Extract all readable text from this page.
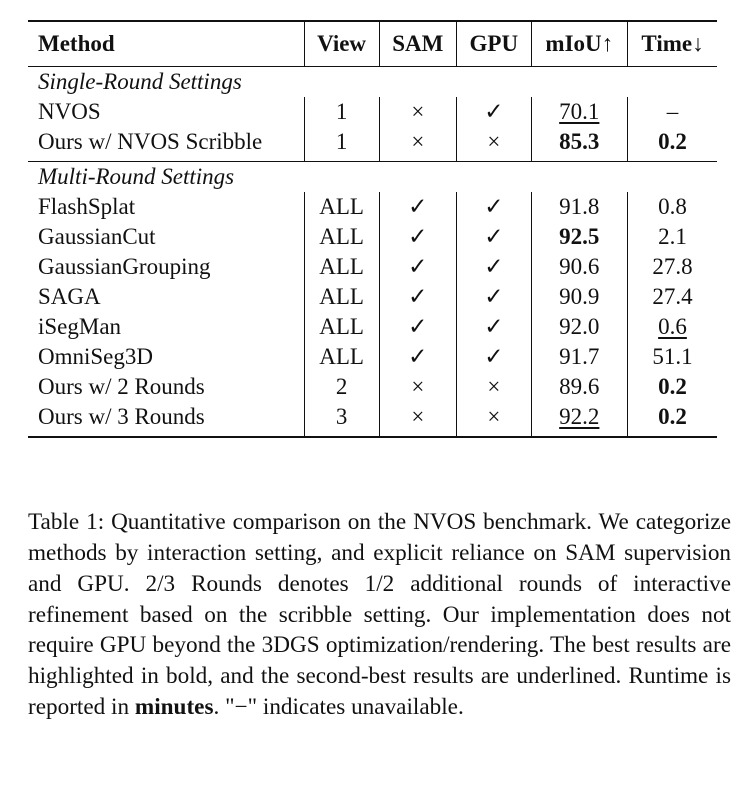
Method	View	SAM	GPU	mIoU↑	Time↓
Single-Round Settings					
NVOS	1	×	✓	70.1	–
Ours w/ NVOS Scribble	1	×	×	85.3	0.2
Multi-Round Settings					
FlashSplat	ALL	✓	✓	91.8	0.8
GaussianCut	ALL	✓	✓	92.5	2.1
GaussianGrouping	ALL	✓	✓	90.6	27.8
SAGA	ALL	✓	✓	90.9	27.4
iSegMan	ALL	✓	✓	92.0	0.6
OmniSeg3D	ALL	✓	✓	91.7	51.1
Ours w/ 2 Rounds	2	×	×	89.6	0.2
Ours w/ 3 Rounds	3	×	×	92.2	0.2

Table 1: Quantitative comparison on the NVOS benchmark. We categorize methods by interaction setting, and explicit reliance on SAM supervision and GPU. 2/3 Rounds denotes 1/2 additional rounds of interactive refinement based on the scribble setting. Our implementation does not require GPU beyond the 3DGS optimization/rendering. The best results are highlighted in bold, and the second-best results are underlined. Runtime is reported in minutes. "−" indicates unavailable.
